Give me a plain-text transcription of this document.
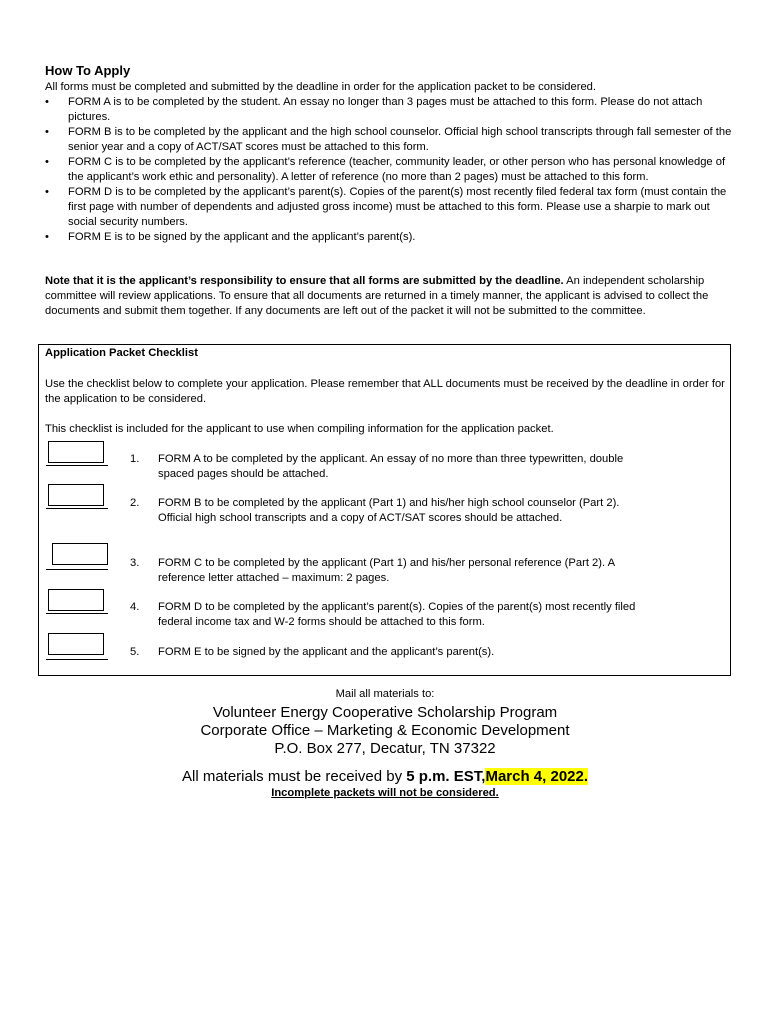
How To Apply
All forms must be completed and submitted by the deadline in order for the application packet to be considered.
• FORM A is to be completed by the student. An essay no longer than 3 pages must be attached to this form. Please do not attach pictures.
• FORM B is to be completed by the applicant and the high school counselor. Official high school transcripts through fall semester of the senior year and a copy of ACT/SAT scores must be attached to this form.
• FORM C is to be completed by the applicant’s reference (teacher, community leader, or other person who has personal knowledge of the applicant’s work ethic and personality). A letter of reference (no more than 2 pages) must be attached to this form.
• FORM D is to be completed by the applicant’s parent(s). Copies of the parent(s) most recently filed federal tax form (must contain the first page with number of dependents and adjusted gross income) must be attached to this form. Please use a sharpie to mark out social security numbers.
• FORM E is to be signed by the applicant and the applicant’s parent(s).
Note that it is the applicant’s responsibility to ensure that all forms are submitted by the deadline. An independent scholarship committee will review applications. To ensure that all documents are returned in a timely manner, the applicant is advised to collect the documents and submit them together. If any documents are left out of the packet it will not be submitted to the committee.
Application Packet Checklist
Use the checklist below to complete your application. Please remember that ALL documents must be received by the deadline in order for the application to be considered.
This checklist is included for the applicant to use when compiling information for the application packet.
1. FORM A to be completed by the applicant. An essay of no more than three typewritten, double spaced pages should be attached.
2. FORM B to be completed by the applicant (Part 1) and his/her high school counselor (Part 2). Official high school transcripts and a copy of ACT/SAT scores should be attached.
3. FORM C to be completed by the applicant (Part 1) and his/her personal reference (Part 2). A reference letter attached – maximum: 2 pages.
4. FORM D to be completed by the applicant’s parent(s). Copies of the parent(s) most recently filed federal income tax and W-2 forms should be attached to this form.
5. FORM E to be signed by the applicant and the applicant’s parent(s).
Mail all materials to:
Volunteer Energy Cooperative Scholarship Program
Corporate Office – Marketing & Economic Development
P.O. Box 277, Decatur, TN 37322
All materials must be received by 5 p.m. EST,March 4, 2022.
Incomplete packets will not be considered.
